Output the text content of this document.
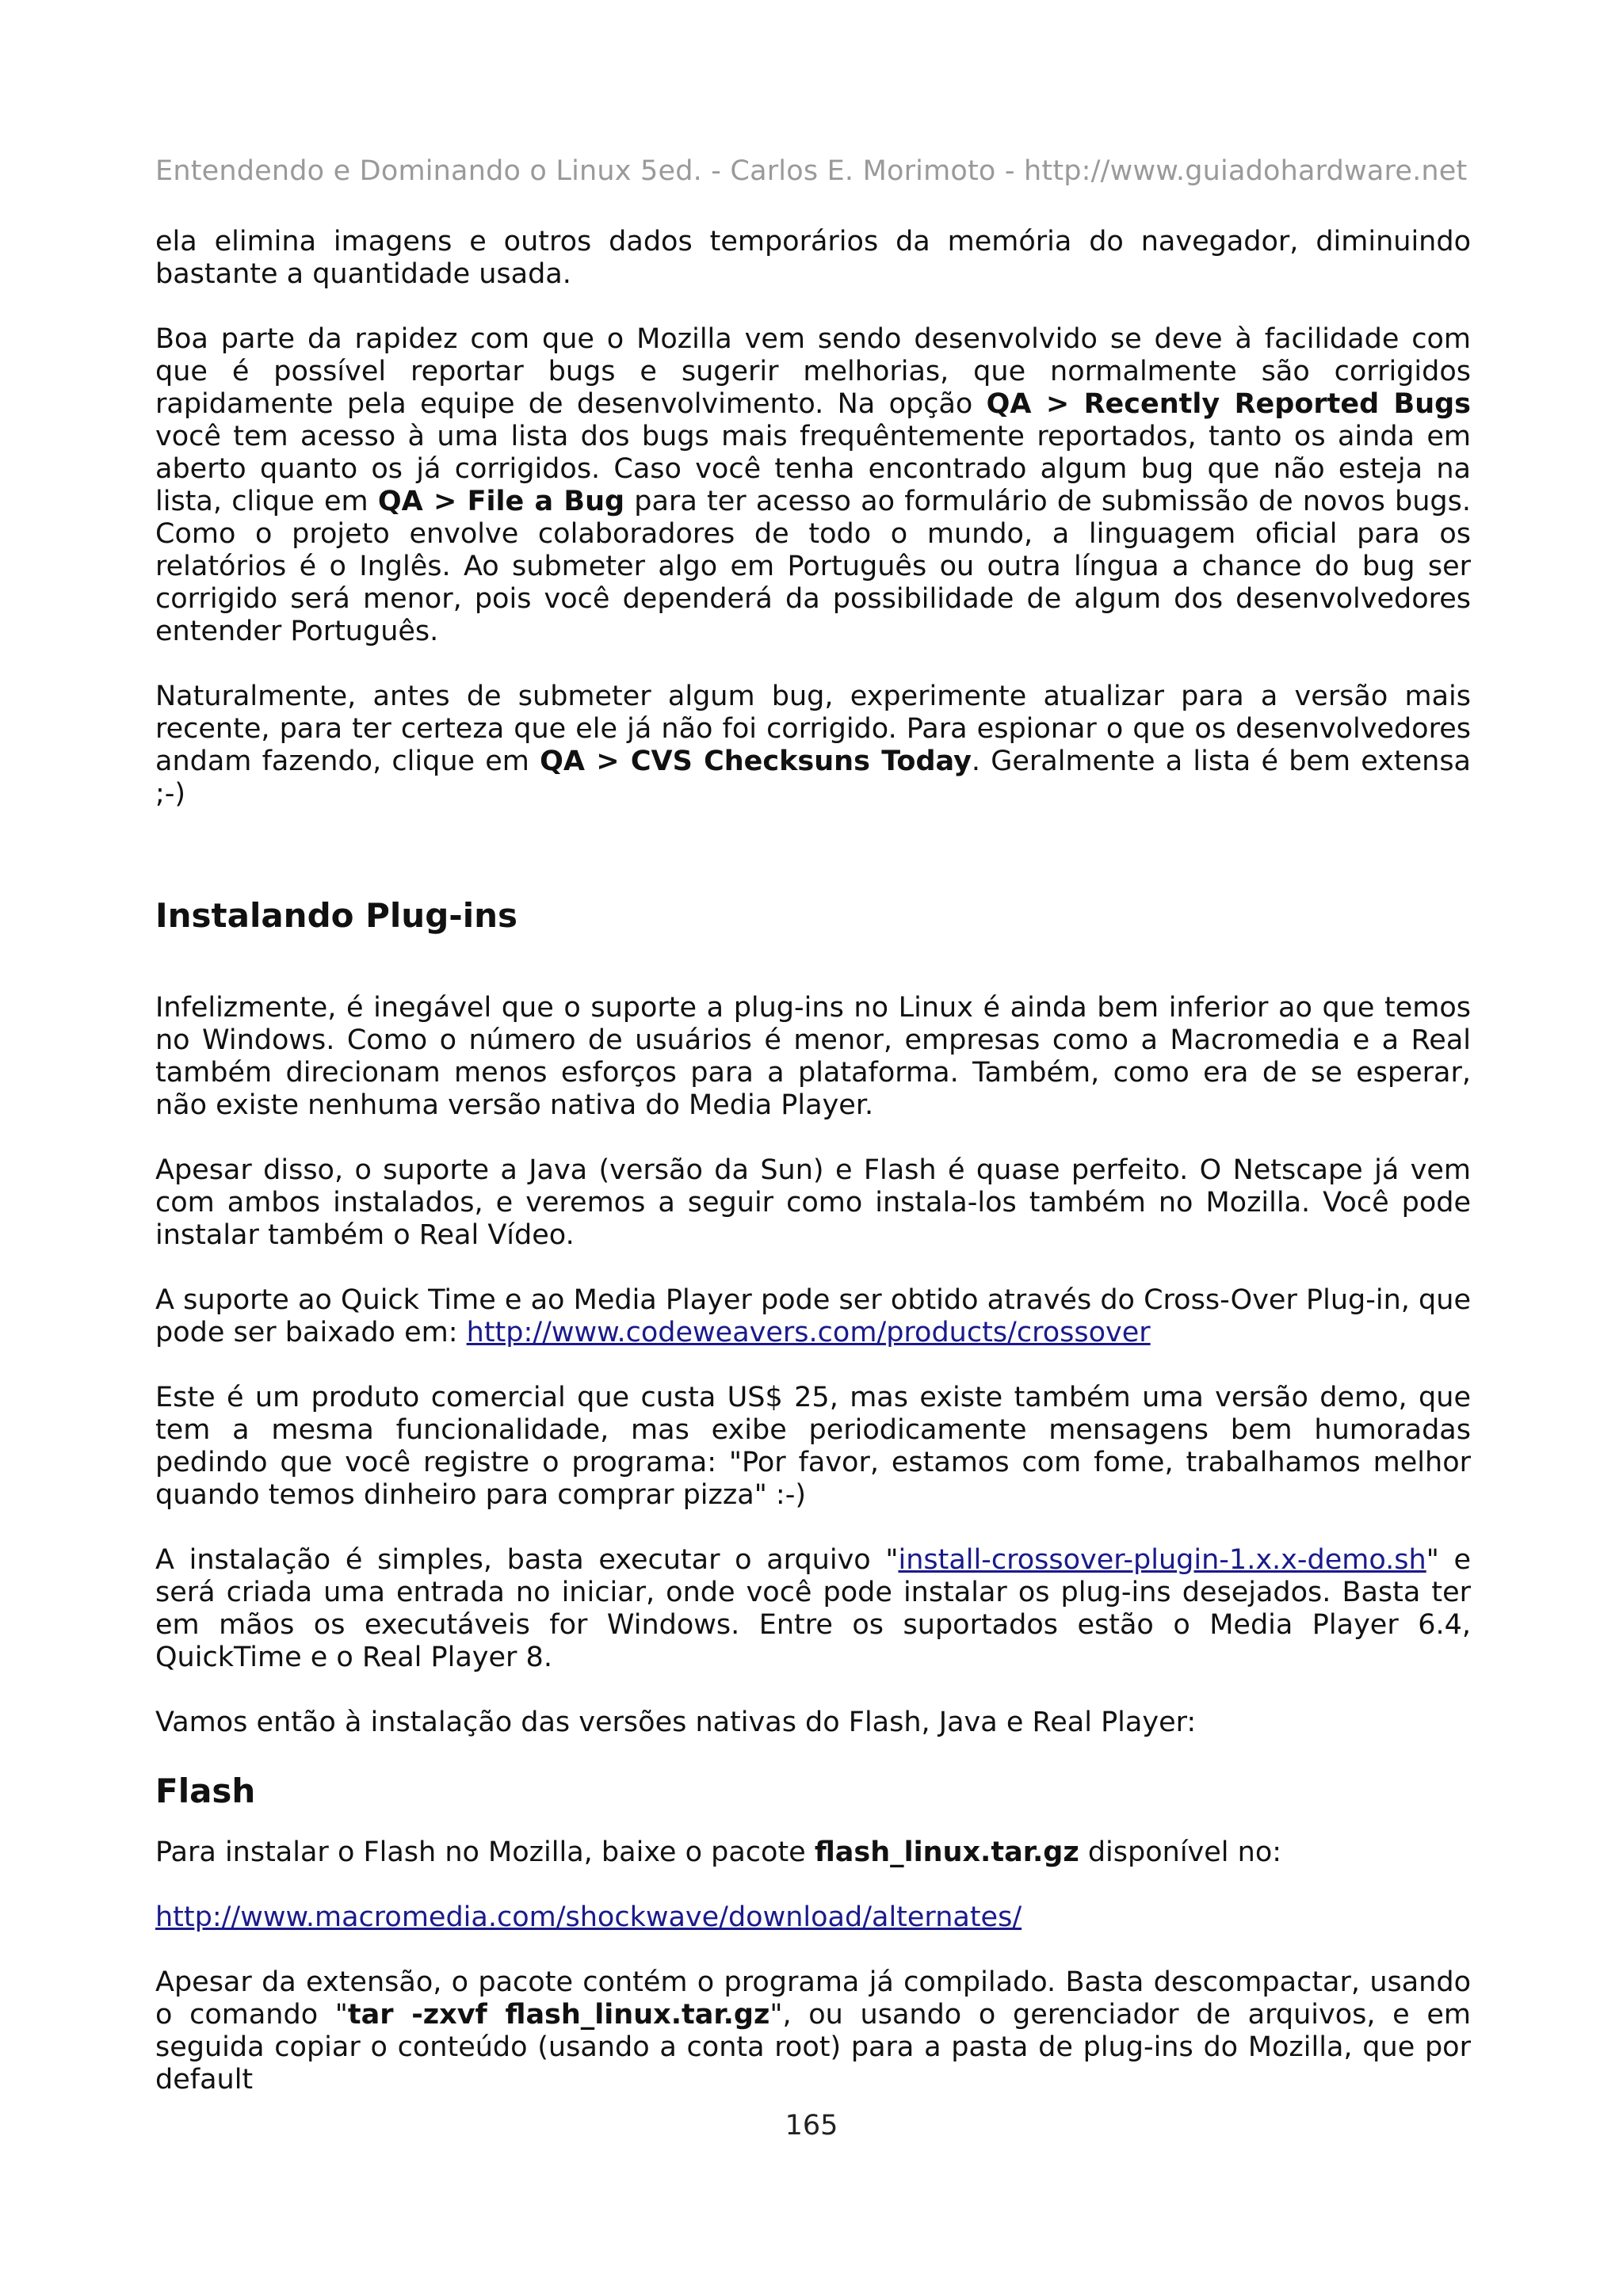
Entendendo e Dominando o Linux 5ed. - Carlos E. Morimoto - http://www.guiadohardware.net

ela elimina imagens e outros dados temporários da memória do navegador, diminuindo bastante a quantidade usada.

Boa parte da rapidez com que o Mozilla vem sendo desenvolvido se deve à facilidade com que é possível reportar bugs e sugerir melhorias, que normalmente são corrigidos rapidamente pela equipe de desenvolvimento. Na opção QA > Recently Reported Bugs você tem acesso à uma lista dos bugs mais frequêntemente reportados, tanto os ainda em aberto quanto os já corrigidos. Caso você tenha encontrado algum bug que não esteja na lista, clique em QA > File a Bug para ter acesso ao formulário de submissão de novos bugs. Como o projeto envolve colaboradores de todo o mundo, a linguagem oficial para os relatórios é o Inglês. Ao submeter algo em Português ou outra língua a chance do bug ser corrigido será menor, pois você dependerá da possibilidade de algum dos desenvolvedores entender Português.

Naturalmente, antes de submeter algum bug, experimente atualizar para a versão mais recente, para ter certeza que ele já não foi corrigido. Para espionar o que os desenvolvedores andam fazendo, clique em QA > CVS Checksuns Today. Geralmente a lista é bem extensa ;-)

Instalando Plug-ins

Infelizmente, é inegável que o suporte a plug-ins no Linux é ainda bem inferior ao que temos no Windows. Como o número de usuários é menor, empresas como a Macromedia e a Real também direcionam menos esforços para a plataforma. Também, como era de se esperar, não existe nenhuma versão nativa do Media Player.

Apesar disso, o suporte a Java (versão da Sun) e Flash é quase perfeito. O Netscape já vem com ambos instalados, e veremos a seguir como instala-los também no Mozilla. Você pode instalar também o Real Vídeo.

A suporte ao Quick Time e ao Media Player pode ser obtido através do Cross-Over Plug-in, que pode ser baixado em: http://www.codeweavers.com/products/crossover

Este é um produto comercial que custa US$ 25, mas existe também uma versão demo, que tem a mesma funcionalidade, mas exibe periodicamente mensagens bem humoradas pedindo que você registre o programa: "Por favor, estamos com fome, trabalhamos melhor quando temos dinheiro para comprar pizza" :-)

A instalação é simples, basta executar o arquivo "install-crossover-plugin-1.x.x-demo.sh" e será criada uma entrada no iniciar, onde você pode instalar os plug-ins desejados. Basta ter em mãos os executáveis for Windows. Entre os suportados estão o Media Player 6.4, QuickTime e o Real Player 8.

Vamos então à instalação das versões nativas do Flash, Java e Real Player:

Flash

Para instalar o Flash no Mozilla, baixe o pacote flash_linux.tar.gz disponível no:

http://www.macromedia.com/shockwave/download/alternates/

Apesar da extensão, o pacote contém o programa já compilado. Basta descompactar, usando o comando "tar -zxvf flash_linux.tar.gz", ou usando o gerenciador de arquivos, e em seguida copiar o conteúdo (usando a conta root) para a pasta de plug-ins do Mozilla, que por default

165
